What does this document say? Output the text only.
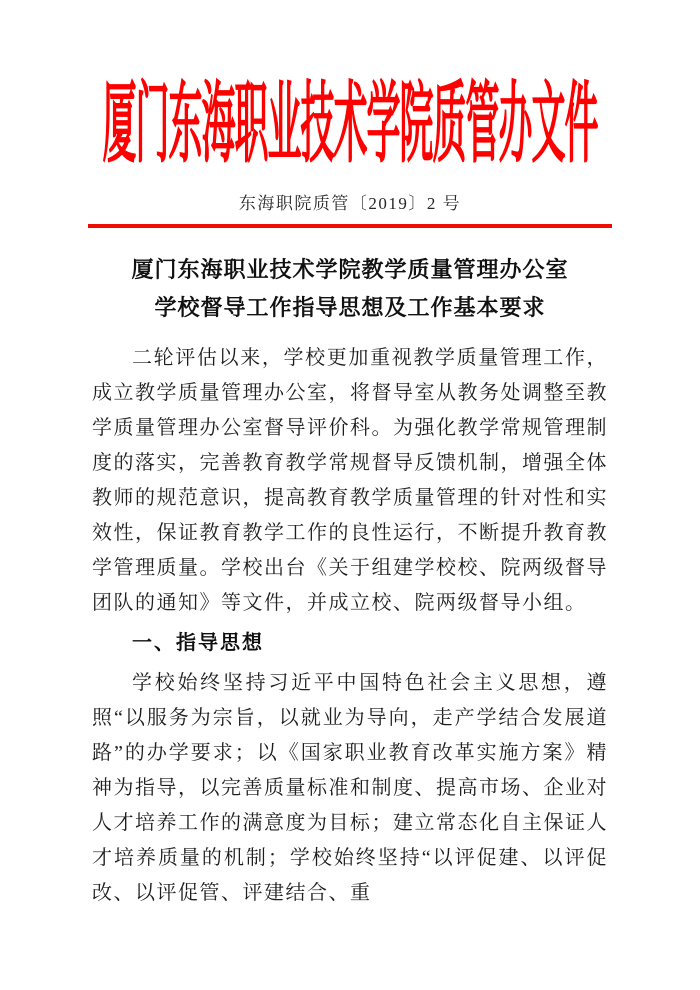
厦门东海职业技术学院质管办文件
东海职院质管〔2019〕2 号
厦门东海职业技术学院教学质量管理办公室
学校督导工作指导思想及工作基本要求

二轮评估以来，学校更加重视教学质量管理工作，成立教学质量管理办公室，将督导室从教务处调整至教学质量管理办公室督导评价科。为强化教学常规管理制度的落实，完善教育教学常规督导反馈机制，增强全体教师的规范意识，提高教育教学质量管理的针对性和实效性，保证教育教学工作的良性运行，不断提升教育教学管理质量。学校出台《关于组建学校校、院两级督导团队的通知》等文件，并成立校、院两级督导小组。

一、指导思想

学校始终坚持习近平中国特色社会主义思想，遵照“以服务为宗旨，以就业为导向，走产学结合发展道路”的办学要求；以《国家职业教育改革实施方案》精神为指导，以完善质量标准和制度、提高市场、企业对人才培养工作的满意度为目标；建立常态化自主保证人才培养质量的机制；学校始终坚持“以评促建、以评促改、以评促管、评建结合、重
